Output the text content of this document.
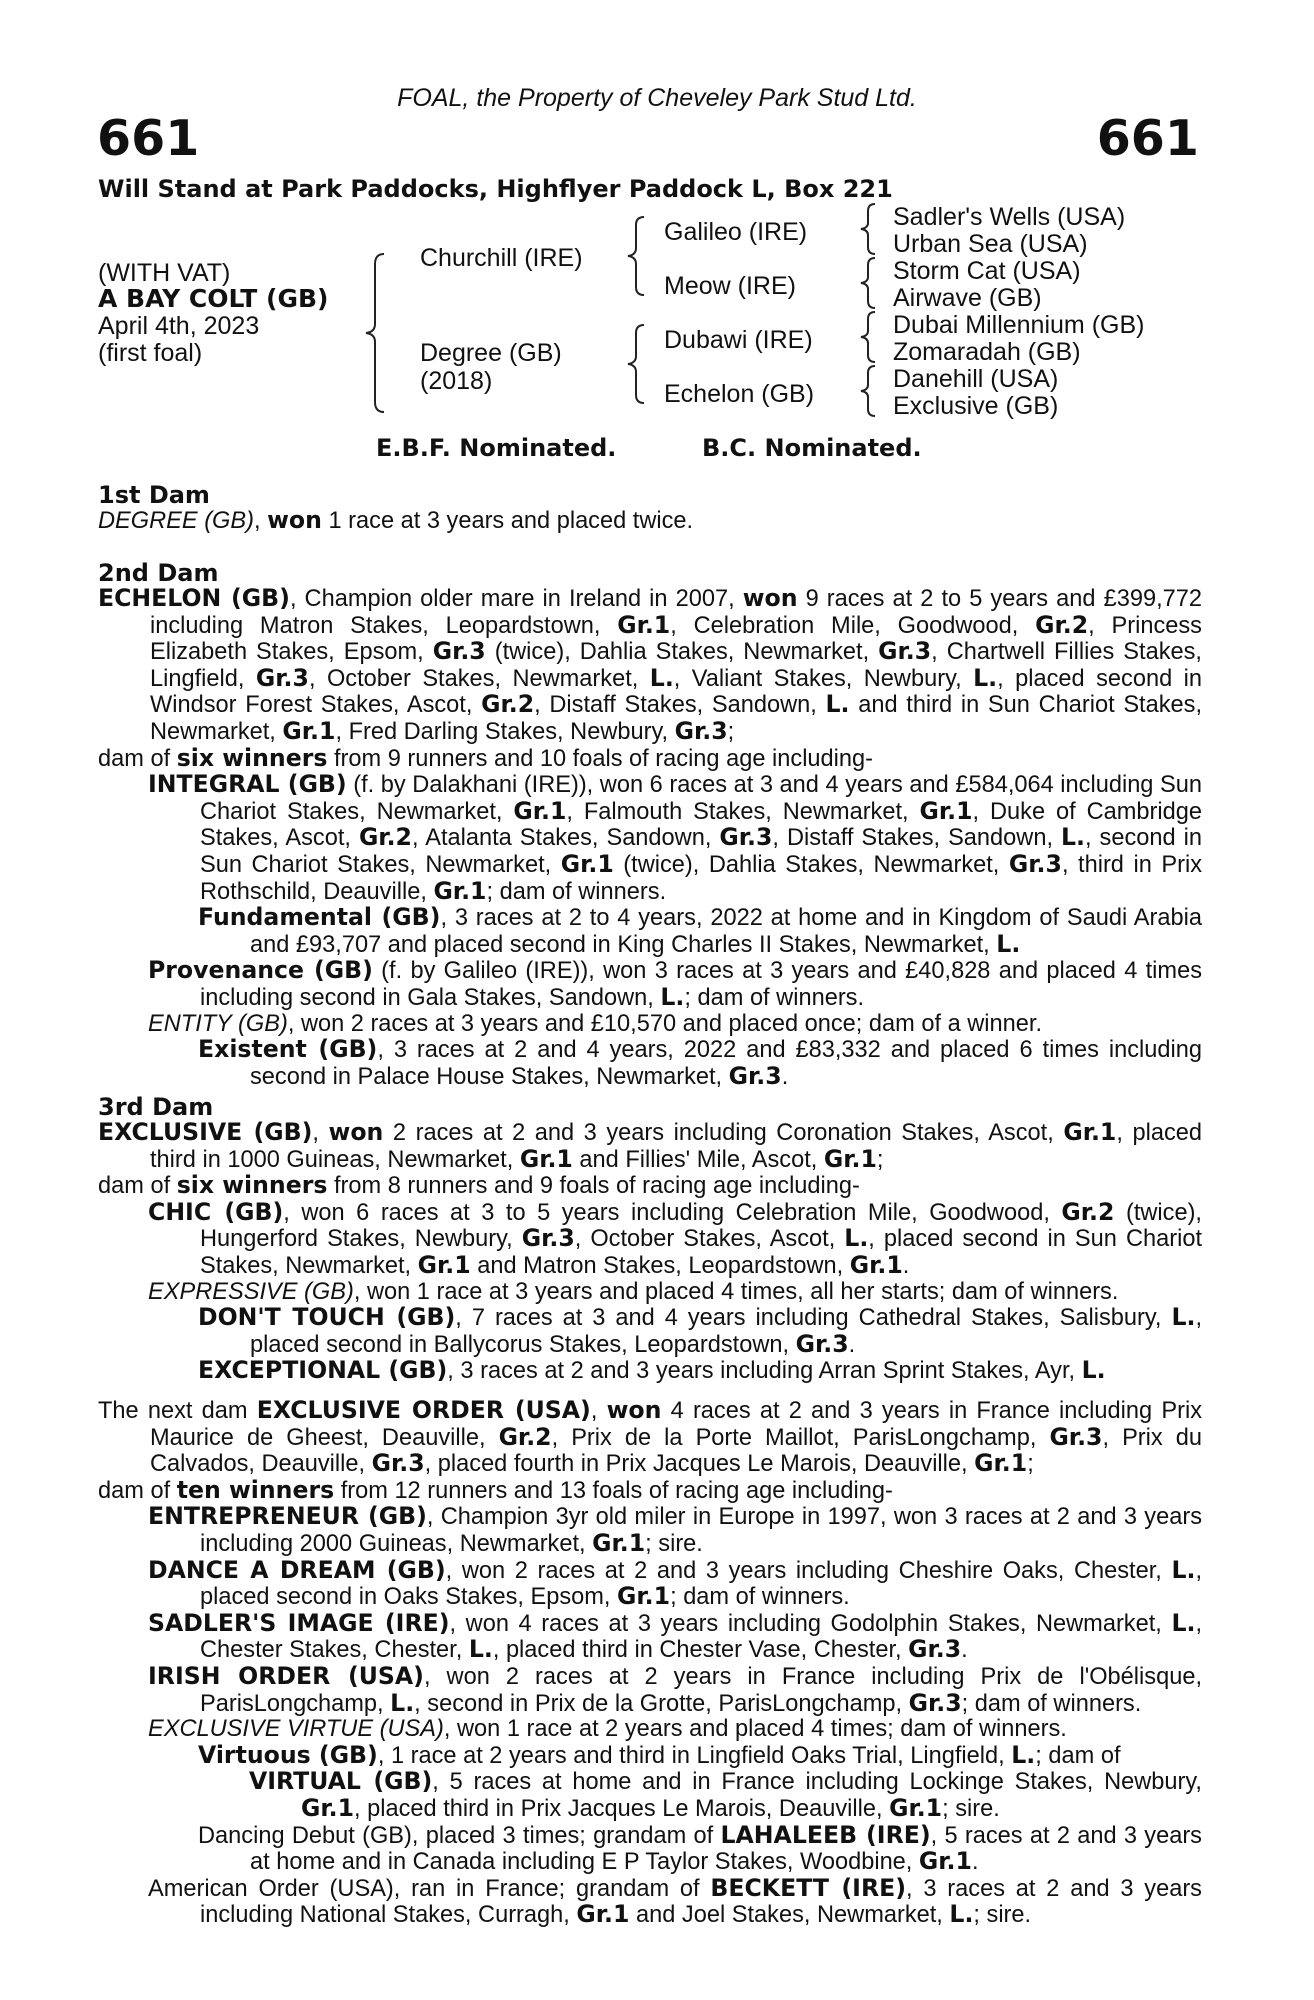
FOAL, the Property of Cheveley Park Stud Ltd.
661	661
Will Stand at Park Paddocks, Highflyer Paddock L, Box 221
(WITH VAT)
A BAY COLT (GB)
April 4th, 2023
(first foal)
Churchill (IRE)
Degree (GB)
(2018)
Galileo (IRE)
Meow (IRE)
Dubawi (IRE)
Echelon (GB)
Sadler's Wells (USA)
Urban Sea (USA)
Storm Cat (USA)
Airwave (GB)
Dubai Millennium (GB)
Zomaradah (GB)
Danehill (USA)
Exclusive (GB)
E.B.F. Nominated.	B.C. Nominated.
1st Dam

DEGREE (GB), won 1 race at 3 years and placed twice.

2nd Dam

ECHELON (GB), Champion older mare in Ireland in 2007, won 9 races at 2 to 5 years and £399,772 including Matron Stakes, Leopardstown, Gr.1, Celebration Mile, Goodwood, Gr.2, Princess Elizabeth Stakes, Epsom, Gr.3 (twice), Dahlia Stakes, Newmarket, Gr.3, Chartwell Fillies Stakes, Lingfield, Gr.3, October Stakes, Newmarket, L., Valiant Stakes, Newbury, L., placed second in Windsor Forest Stakes, Ascot, Gr.2, Distaff Stakes, Sandown, L. and third in Sun Chariot Stakes, Newmarket, Gr.1, Fred Darling Stakes, Newbury, Gr.3;

dam of six winners from 9 runners and 10 foals of racing age including-

INTEGRAL (GB) (f. by Dalakhani (IRE)), won 6 races at 3 and 4 years and £584,064 including Sun Chariot Stakes, Newmarket, Gr.1, Falmouth Stakes, Newmarket, Gr.1, Duke of Cambridge Stakes, Ascot, Gr.2, Atalanta Stakes, Sandown, Gr.3, Distaff Stakes, Sandown, L., second in Sun Chariot Stakes, Newmarket, Gr.1 (twice), Dahlia Stakes, Newmarket, Gr.3, third in Prix Rothschild, Deauville, Gr.1; dam of winners.

Fundamental (GB), 3 races at 2 to 4 years, 2022 at home and in Kingdom of Saudi Arabia and £93,707 and placed second in King Charles II Stakes, Newmarket, L.

Provenance (GB) (f. by Galileo (IRE)), won 3 races at 3 years and £40,828 and placed 4 times including second in Gala Stakes, Sandown, L.; dam of winners.

ENTITY (GB), won 2 races at 3 years and £10,570 and placed once; dam of a winner.

Existent (GB), 3 races at 2 and 4 years, 2022 and £83,332 and placed 6 times including second in Palace House Stakes, Newmarket, Gr.3.

3rd Dam

EXCLUSIVE (GB), won 2 races at 2 and 3 years including Coronation Stakes, Ascot, Gr.1, placed third in 1000 Guineas, Newmarket, Gr.1 and Fillies' Mile, Ascot, Gr.1;

dam of six winners from 8 runners and 9 foals of racing age including-

CHIC (GB), won 6 races at 3 to 5 years including Celebration Mile, Goodwood, Gr.2 (twice), Hungerford Stakes, Newbury, Gr.3, October Stakes, Ascot, L., placed second in Sun Chariot Stakes, Newmarket, Gr.1 and Matron Stakes, Leopardstown, Gr.1.

EXPRESSIVE (GB), won 1 race at 3 years and placed 4 times, all her starts; dam of winners.

DON'T TOUCH (GB), 7 races at 3 and 4 years including Cathedral Stakes, Salisbury, L., placed second in Ballycorus Stakes, Leopardstown, Gr.3.

EXCEPTIONAL (GB), 3 races at 2 and 3 years including Arran Sprint Stakes, Ayr, L.

The next dam EXCLUSIVE ORDER (USA), won 4 races at 2 and 3 years in France including Prix Maurice de Gheest, Deauville, Gr.2, Prix de la Porte Maillot, ParisLongchamp, Gr.3, Prix du Calvados, Deauville, Gr.3, placed fourth in Prix Jacques Le Marois, Deauville, Gr.1;

dam of ten winners from 12 runners and 13 foals of racing age including-

ENTREPRENEUR (GB), Champion 3yr old miler in Europe in 1997, won 3 races at 2 and 3 years including 2000 Guineas, Newmarket, Gr.1; sire.

DANCE A DREAM (GB), won 2 races at 2 and 3 years including Cheshire Oaks, Chester, L., placed second in Oaks Stakes, Epsom, Gr.1; dam of winners.

SADLER'S IMAGE (IRE), won 4 races at 3 years including Godolphin Stakes, Newmarket, L., Chester Stakes, Chester, L., placed third in Chester Vase, Chester, Gr.3.

IRISH ORDER (USA), won 2 races at 2 years in France including Prix de l'Obélisque, ParisLongchamp, L., second in Prix de la Grotte, ParisLongchamp, Gr.3; dam of winners.

EXCLUSIVE VIRTUE (USA), won 1 race at 2 years and placed 4 times; dam of winners.

Virtuous (GB), 1 race at 2 years and third in Lingfield Oaks Trial, Lingfield, L.; dam of

VIRTUAL (GB), 5 races at home and in France including Lockinge Stakes, Newbury, Gr.1, placed third in Prix Jacques Le Marois, Deauville, Gr.1; sire.

Dancing Debut (GB), placed 3 times; grandam of LAHALEEB (IRE), 5 races at 2 and 3 years at home and in Canada including E P Taylor Stakes, Woodbine, Gr.1.

American Order (USA), ran in France; grandam of BECKETT (IRE), 3 races at 2 and 3 years including National Stakes, Curragh, Gr.1 and Joel Stakes, Newmarket, L.; sire.
